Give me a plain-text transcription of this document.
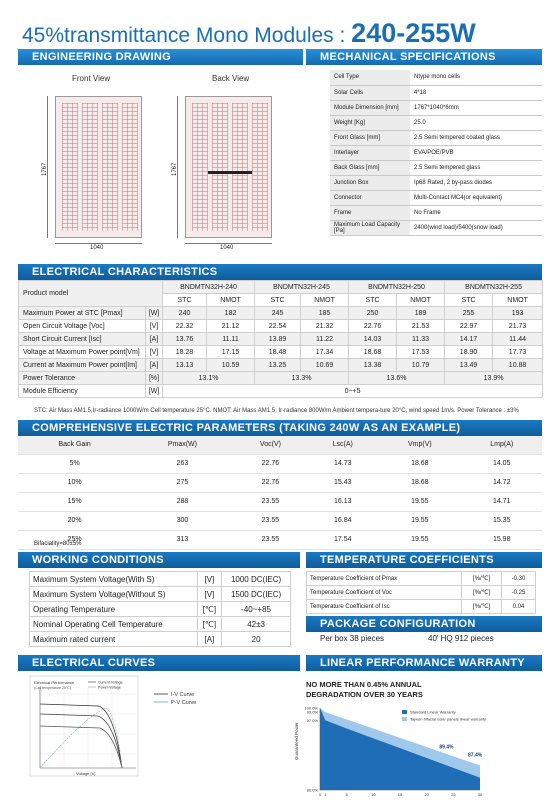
45%transmittance Mono Modules : 240-255W
ENGINEERING DRAWING	MECHANICAL SPECIFICATIONS
Front View	Back View
1767	1767
1040	1040
Cell Type	Ntype mono cells
Solar Cells	4*18
Module Dimension [mm]	1767*1040*6mm
Weight [Kg]	25.0
Front Glass [mm]	2.5 Semi tempered coated glass
Interlayer	EVA/POE/PVB
Back Glass [mm]	2.5 Semi tempered glass
Junction Box	Ip68 Rated, 2 by-pass diodes
Connector	Multi-Contact MC4(or equivalent)
Frame	No Frame
Maximum Load Capacity [Pa]	2400(wind load)/5400(snow load)
ELECTRICAL CHARACTERISTICS
Product model		BNDMTN32H-240		BNDMTN32H-245		BNDMTN32H-250		BNDMTN32H-255	
		STC	NMOT	STC	NMOT	STC	NMOT	STC	NMOT
Maximum Power at STC [Pmax]	[W]	240	182	245	185	250	189	255	193
Open Circuit Voltage [Voc]	[V]	22.32	21.12	22.54	21.32	22.76	21.53	22.97	21.73
Short Circuit Current [Isc]	[A]	13.76	11.11	13.89	11.22	14.03	11.33	14.17	11.44
Voltage at Maximum Power point[Vm]	[V]	18.28	17.15	18.48	17.34	18.68	17.53	18.90	17.73
Current at Maximum Power point[Im]	[A]	13.13	10.59	13.25	10.69	13.38	10.79	13.49	10.88
Power Tolerance	[%]	13.1%		13.3%		13.6%		13.9%	
Module Efficiency	[W]	0~+5							
STC: Air Mass AM1.5,Ir-radiance 1000W/m Cell temperature 25°C. NMOT: Air Mass AM1.5, Ir-radiance 800W/m Ambient tempera-ture 20°C, wind speed 1m/s. Power Tolerance : ±3%
COMPREHENSIVE ELECTRIC PARAMETERS (TAKING 240W AS AN EXAMPLE)
Back Gain	Pmax(W)	Voc(V)	Lsc(A)	Vmp(V)	Lmp(A)
5%	263	22.76	14.73	18.68	14.05
10%	275	22.76	15.43	18.68	14.72
15%	288	23.55	16.13	19.55	14.71
20%	300	23.55	16.84	19.55	15.35
25%	313	23.55	17.54	19.55	15.98
Bifaciality=80±5%
WORKING CONDITIONS
Maximum System Voltage(With S)	[V]	1000 DC(IEC)
Maximum System Voltage(Without S)	[V]	1500 DC(IEC)
Operating Temperature	[℃]	-40~+85
Nominal Operating Cell Temperature	[℃]	42±3
Maximum rated current	[A]	20
TEMPERATURE COEFFICIENTS
Temperature Coefficient of Pmax	[%/℃]	-0.30
Temperature Coefficient of Voc	[%/℃]	-0.25
Temperature Coefficient of Isc	[%/℃]	0.04
PACKAGE CONFIGURATION
Per box 38 pieces	40' HQ 912 pieces
ELECTRICAL CURVES
Electrical Performance
(Cell temperature 25°C)
Current-Voltage
Power-Voltage
Voltage [V]
I-V Curve
P-V Curve
LINEAR PERFORMANCE WARRANTY
NO MORE THAN 0.45% ANNUAL
DEGRADATION OVER 30 YEARS
Guaranteed Power
100.0%
99.0%
97.0%
80.0%
0 1	5	10	15	20	25	30
89.4%
87.4%
Standard Linear Warranty
Tajwon bifacial solar panels linear warranty
